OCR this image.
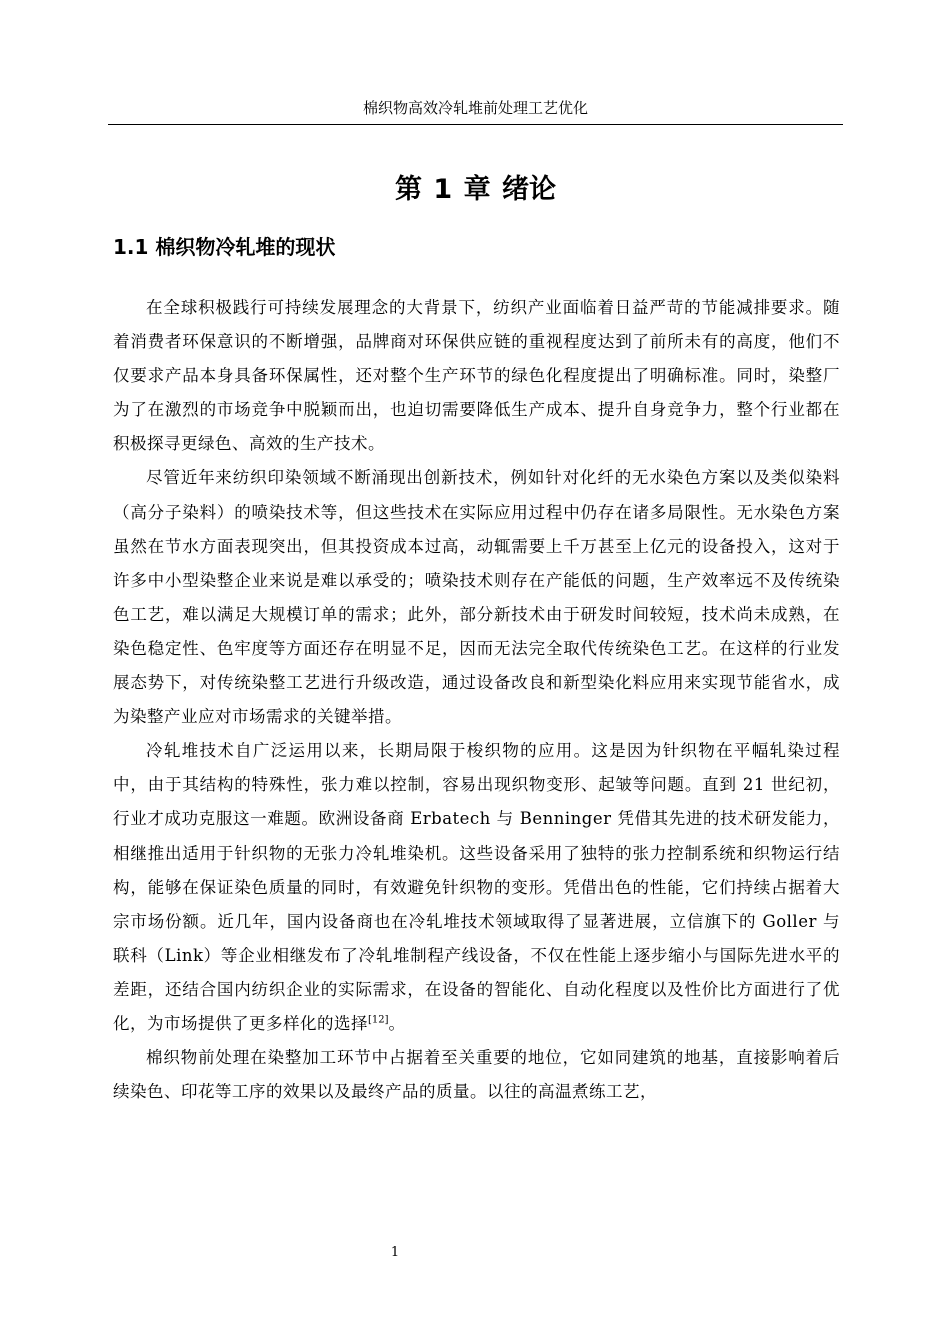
棉织物高效冷轧堆前处理工艺优化
第 1 章 绪论
1.1 棉织物冷轧堆的现状

在全球积极践行可持续发展理念的大背景下，纺织产业面临着日益严苛的节能减排要求。随着消费者环保意识的不断增强，品牌商对环保供应链的重视程度达到了前所未有的高度，他们不仅要求产品本身具备环保属性，还对整个生产环节的绿色化程度提出了明确标准。同时，染整厂为了在激烈的市场竞争中脱颖而出，也迫切需要降低生产成本、提升自身竞争力，整个行业都在积极探寻更绿色、高效的生产技术。

尽管近年来纺织印染领域不断涌现出创新技术，例如针对化纤的无水染色方案以及类似染料（高分子染料）的喷染技术等，但这些技术在实际应用过程中仍存在诸多局限性。无水染色方案虽然在节水方面表现突出，但其投资成本过高，动辄需要上千万甚至上亿元的设备投入，这对于许多中小型染整企业来说是难以承受的；喷染技术则存在产能低的问题，生产效率远不及传统染色工艺，难以满足大规模订单的需求；此外，部分新技术由于研发时间较短，技术尚未成熟，在染色稳定性、色牢度等方面还存在明显不足，因而无法完全取代传统染色工艺。在这样的行业发展态势下，对传统染整工艺进行升级改造，通过设备改良和新型染化料应用来实现节能省水，成为染整产业应对市场需求的关键举措。

冷轧堆技术自广泛运用以来，长期局限于梭织物的应用。这是因为针织物在平幅轧染过程中，由于其结构的特殊性，张力难以控制，容易出现织物变形、起皱等问题。直到 21 世纪初，行业才成功克服这一难题。欧洲设备商 Erbatech 与 Benninger 凭借其先进的技术研发能力，相继推出适用于针织物的无张力冷轧堆染机。这些设备采用了独特的张力控制系统和织物运行结构，能够在保证染色质量的同时，有效避免针织物的变形。凭借出色的性能，它们持续占据着大宗市场份额。近几年，国内设备商也在冷轧堆技术领域取得了显著进展，立信旗下的 Goller 与联科（Link）等企业相继发布了冷轧堆制程产线设备，不仅在性能上逐步缩小与国际先进水平的差距，还结合国内纺织企业的实际需求，在设备的智能化、自动化程度以及性价比方面进行了优化，为市场提供了更多样化的选择[12]。

棉织物前处理在染整加工环节中占据着至关重要的地位，它如同建筑的地基，直接影响着后续染色、印花等工序的效果以及最终产品的质量。以往的高温煮练工艺，

1
